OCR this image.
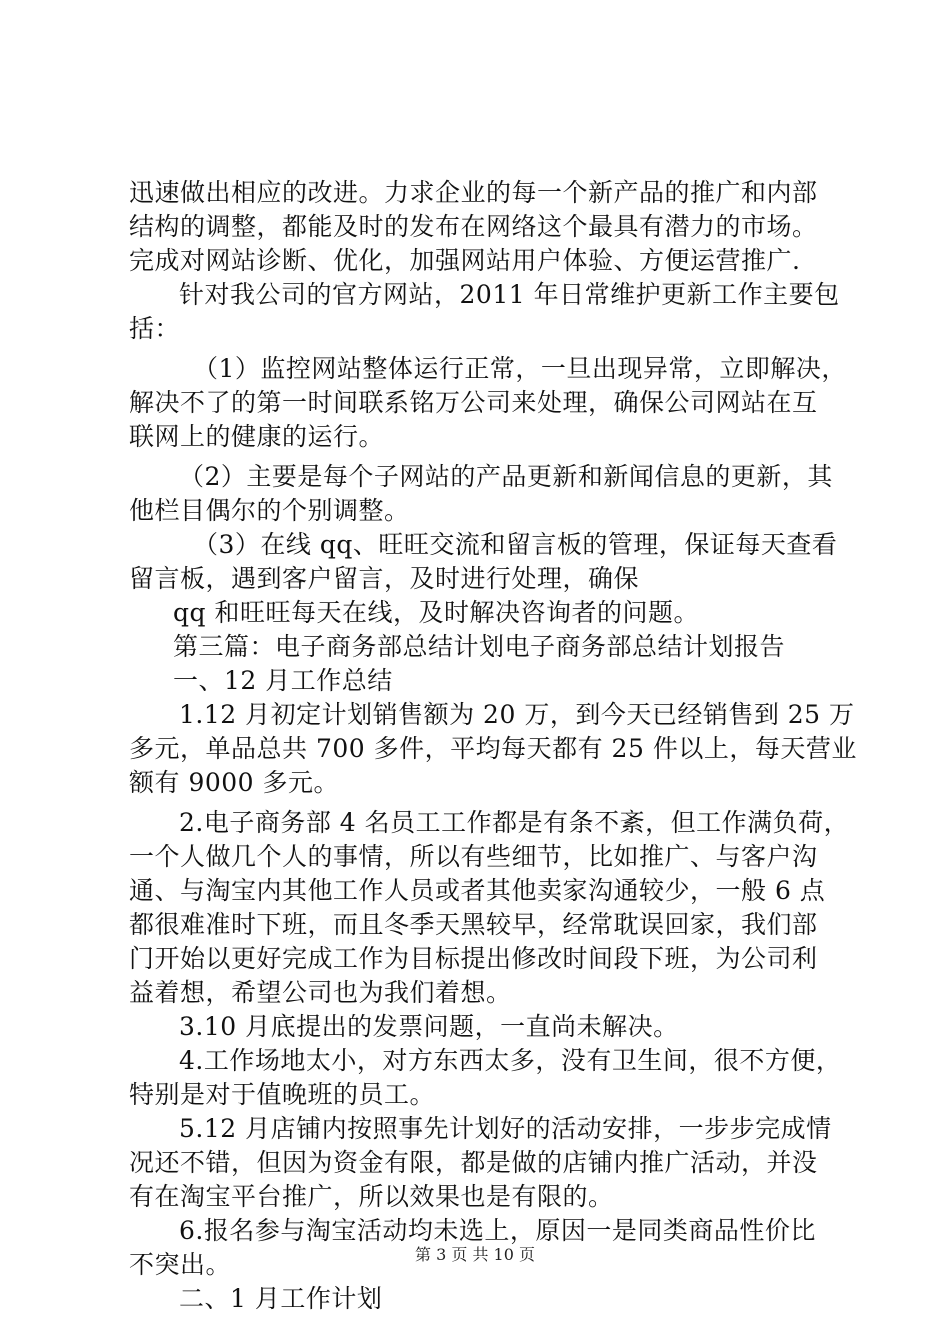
迅速做出相应的改进。力求企业的每一个新产品的推广和内部
结构的调整，都能及时的发布在网络这个最具有潜力的市场。
完成对网站诊断、优化，加强网站用户体验、方便运营推广.
针对我公司的官方网站，2011 年日常维护更新工作主要包
括：
（1）监控网站整体运行正常，一旦出现异常，立即解决，
解决不了的第一时间联系铭万公司来处理，确保公司网站在互
联网上的健康的运行。
（2）主要是每个子网站的产品更新和新闻信息的更新，其
他栏目偶尔的个别调整。
（3）在线 qq、旺旺交流和留言板的管理，保证每天查看
留言板，遇到客户留言，及时进行处理，确保
qq 和旺旺每天在线，及时解决咨询者的问题。
第三篇：电子商务部总结计划电子商务部总结计划报告
一、12 月工作总结
1.12 月初定计划销售额为 20 万，到今天已经销售到 25 万
多元，单品总共 700 多件，平均每天都有 25 件以上，每天营业
额有 9000 多元。
2.电子商务部 4 名员工工作都是有条不紊，但工作满负荷，
一个人做几个人的事情，所以有些细节，比如推广、与客户沟
通、与淘宝内其他工作人员或者其他卖家沟通较少，一般 6 点
都很难准时下班，而且冬季天黑较早，经常耽误回家，我们部
门开始以更好完成工作为目标提出修改时间段下班，为公司利
益着想，希望公司也为我们着想。
3.10 月底提出的发票问题，一直尚未解决。
4.工作场地太小，对方东西太多，没有卫生间，很不方便，
特别是对于值晚班的员工。
5.12 月店铺内按照事先计划好的活动安排，一步步完成情
况还不错，但因为资金有限，都是做的店铺内推广活动，并没
有在淘宝平台推广，所以效果也是有限的。
6.报名参与淘宝活动均未选上，原因一是同类商品性价比
不突出。
二、1 月工作计划
第 3 页 共 10 页
